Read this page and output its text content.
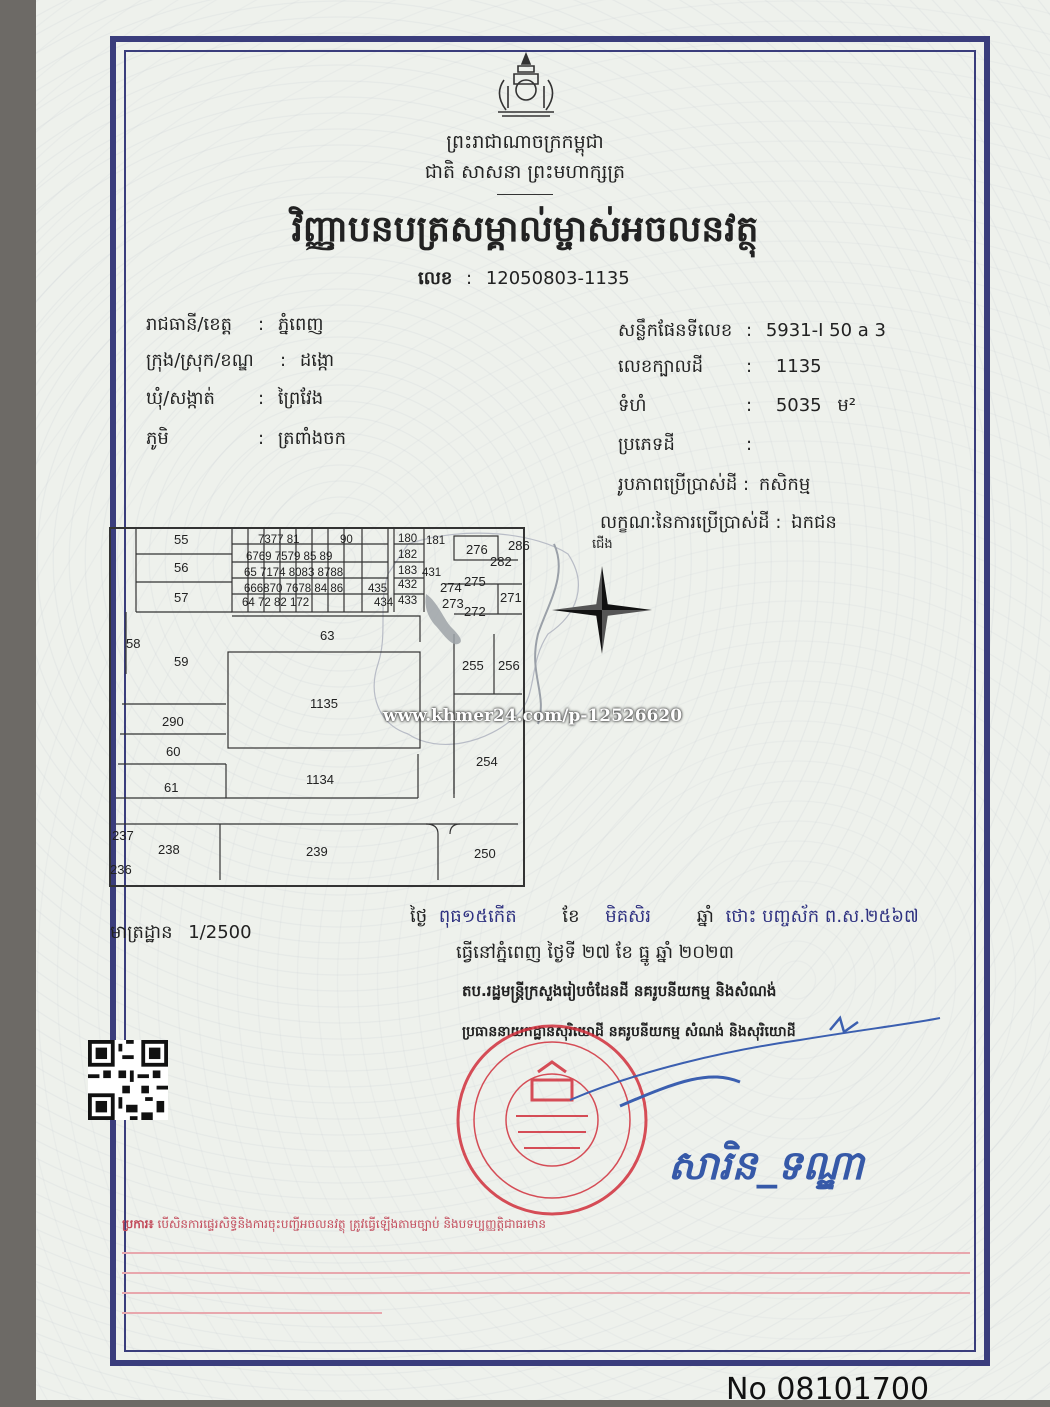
ព្រះរាជាណាចក្រកម្ពុជា
ជាតិ សាសនា ព្រះមហាក្សត្រ
វិញ្ញាបនបត្រសម្គាល់ម្ចាស់អចលនវត្ថុ
លេខ : 12050803-1135
រាជធានី/ខេត្ត : ភ្នំពេញ
ក្រុង/ស្រុក/ខណ្ឌ : ដង្កោ
ឃុំ/សង្កាត់ : ព្រៃវែង
ភូមិ	: ត្រពាំងចក
សន្លឹកផែនទីលេខ : 5931-I 50 a 3
លេខក្បាលដី : 1135
ទំហំ	: 5035 ម²
ប្រភេទដី	:
រូបភាពប្រើប្រាស់ដី : កសិកម្ម
លក្ខណៈនៃការប្រើប្រាស់ដី : ឯកជន
55
56
57
58
59
290
60
61
63
1135
1134
237
238
236
239	250
254
255 256
276 286
282
275
274
271
273
272
7377 81	90
6769 7579 85 89
65 7174 8083 8788
666870 7678 84 86
64 72 82 172
180 181
182
183 431
435 432
434 433
ជើង
www.khmer24.com/p-12526620
មាត្រដ្ឋាន 1/2500
ថ្ងៃ ពុធ១៥កើត	ខែ មិគសិរ	ឆ្នាំ ថោះ បញ្ចស័ក ព.ស.២៥៦៧
ធ្វើនៅភ្នំពេញ ថ្ងៃទី ២៧ ខែ ធ្នូ ឆ្នាំ ២០២៣
តប.រដ្ឋមន្ត្រីក្រសួងរៀបចំដែនដី នគរូបនីយកម្ម និងសំណង់
ប្រធាននាយកដ្ឋានសុរិយោដី នគរូបនីយកម្ម សំណង់ និងសុរិយោដី
សារិន_ទណ្ឌា
ប្រការ៖ បើសិនការផ្ទេរសិទ្ធិនិងការចុះបញ្ជីអចលនវត្ថុ ត្រូវធ្វើឡើងតាមច្បាប់ និងបទប្បញ្ញត្តិជាធរមាន
No 08101700
